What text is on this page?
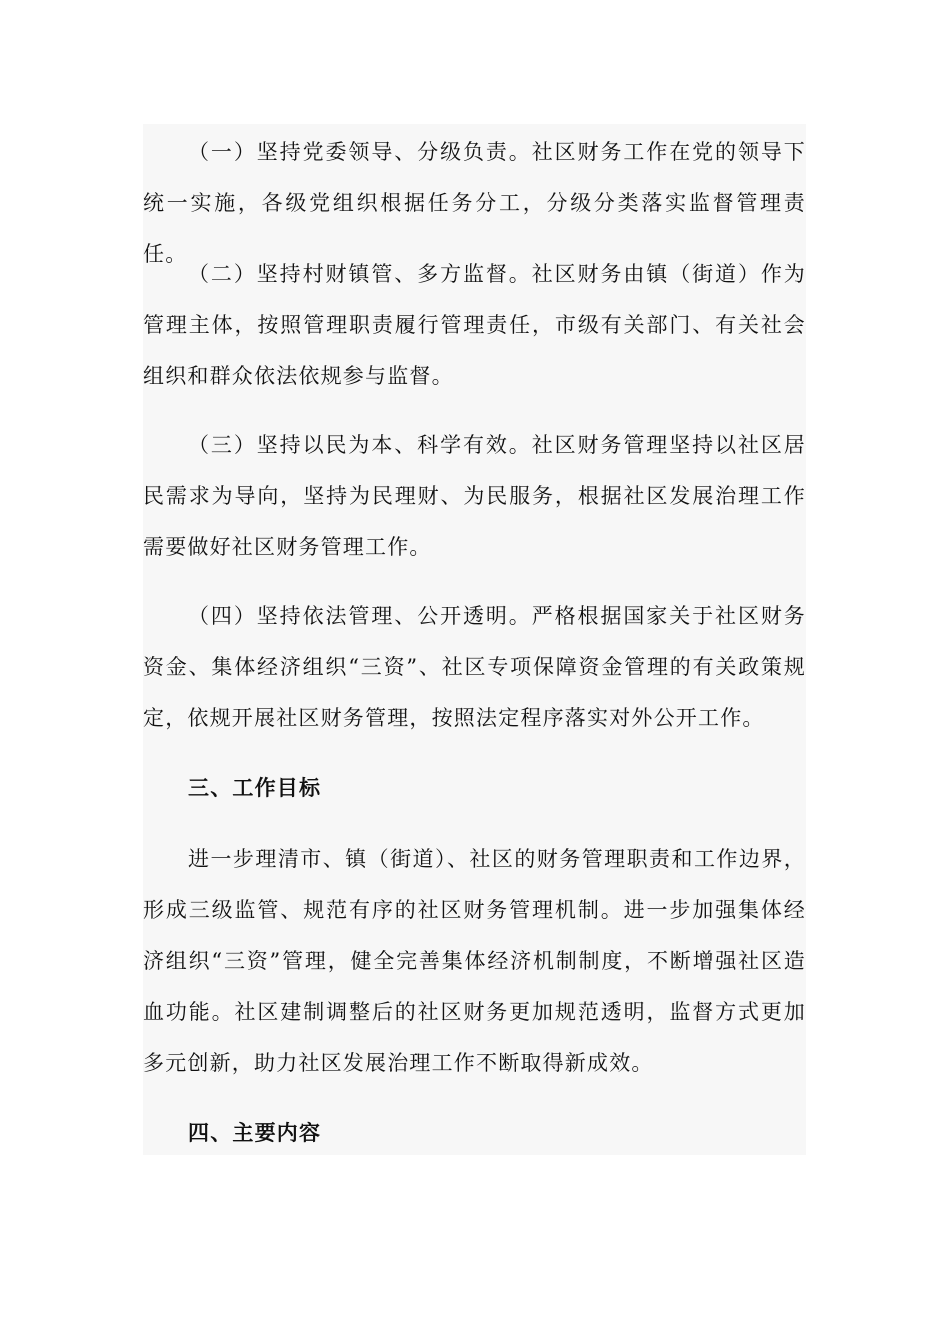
（一）坚持党委领导、分级负责。社区财务工作在党的领导下统一实施，各级党组织根据任务分工，分级分类落实监督管理责任。

（二）坚持村财镇管、多方监督。社区财务由镇（街道）作为管理主体，按照管理职责履行管理责任，市级有关部门、有关社会组织和群众依法依规参与监督。

（三）坚持以民为本、科学有效。社区财务管理坚持以社区居民需求为导向，坚持为民理财、为民服务，根据社区发展治理工作需要做好社区财务管理工作。

（四）坚持依法管理、公开透明。严格根据国家关于社区财务资金、集体经济组织“三资”、社区专项保障资金管理的有关政策规定，依规开展社区财务管理，按照法定程序落实对外公开工作。

三、工作目标

进一步理清市、镇（街道）、社区的财务管理职责和工作边界，形成三级监管、规范有序的社区财务管理机制。进一步加强集体经济组织“三资”管理，健全完善集体经济机制制度，不断增强社区造血功能。社区建制调整后的社区财务更加规范透明，监督方式更加多元创新，助力社区发展治理工作不断取得新成效。

四、主要内容
